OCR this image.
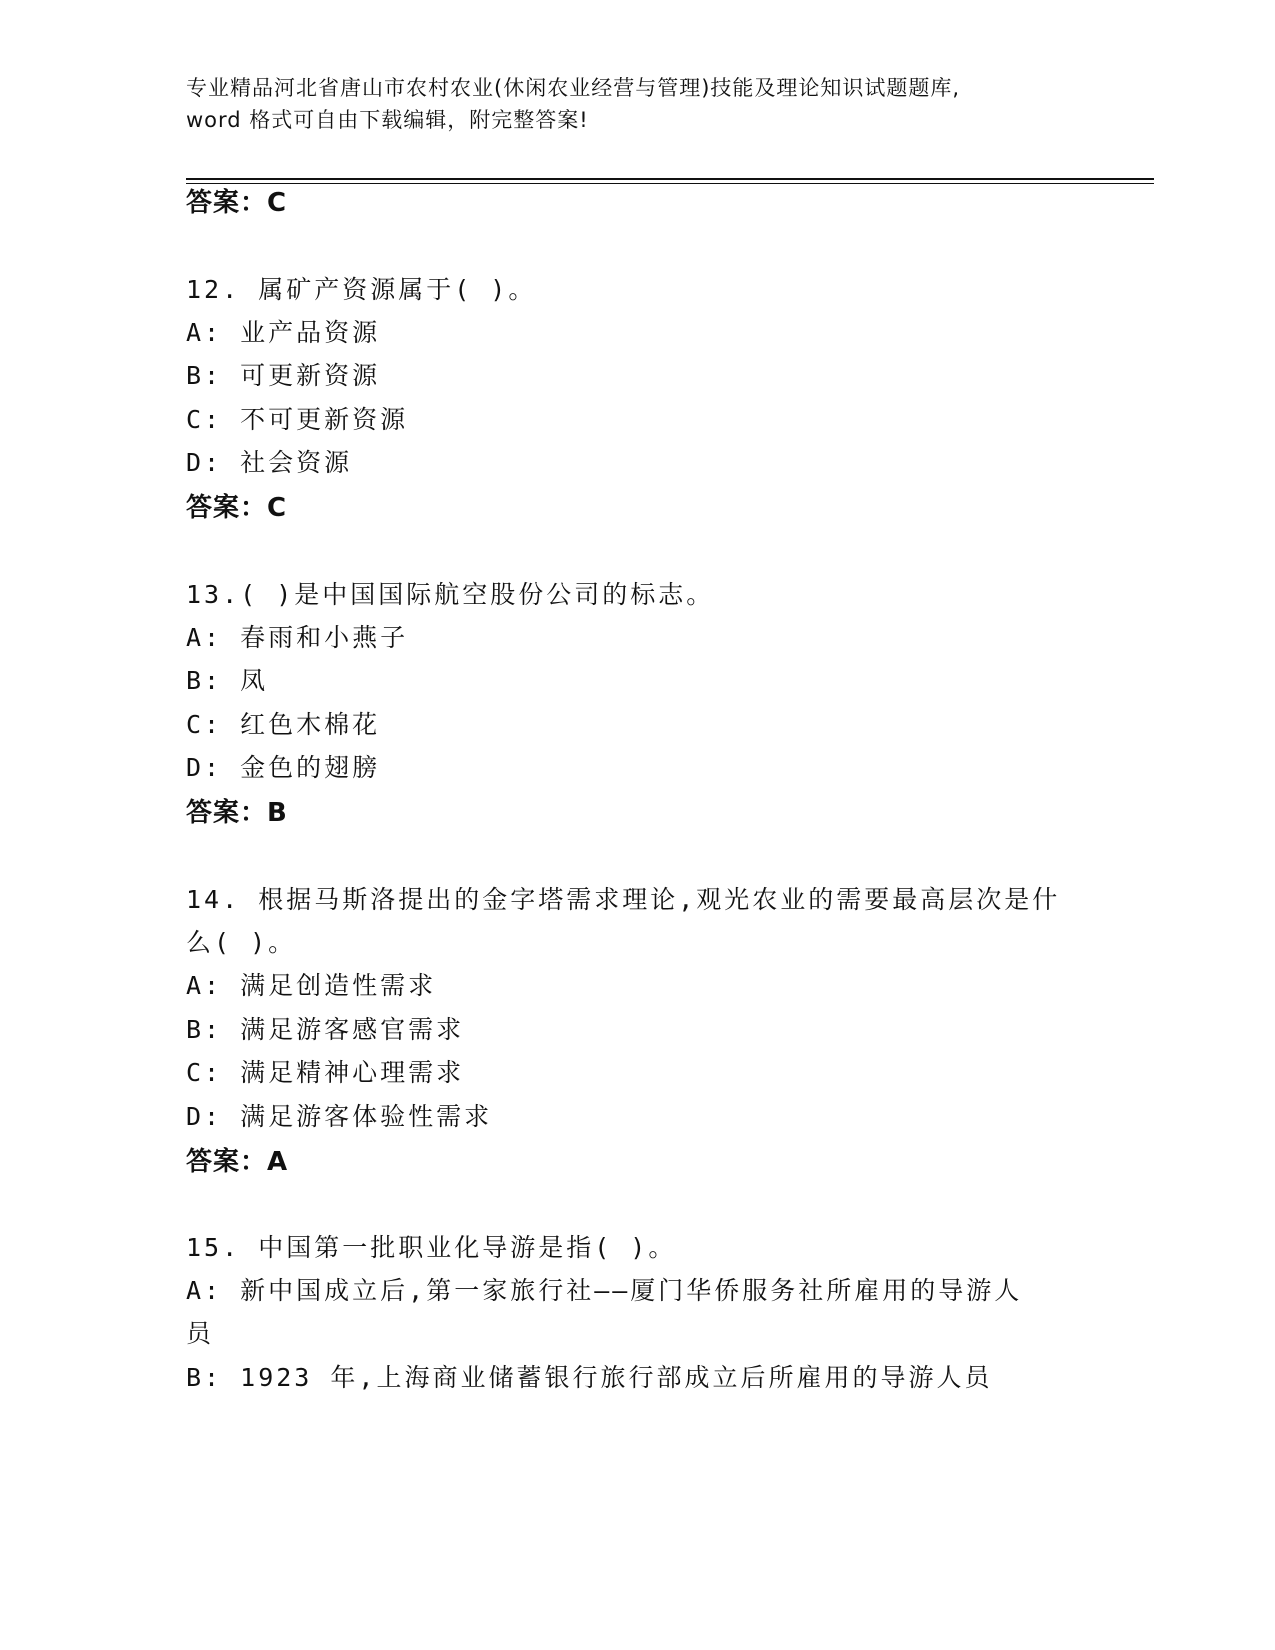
专业精品河北省唐山市农村农业(休闲农业经营与管理)技能及理论知识试题题库,
word 格式可自由下载编辑，附完整答案!
答案：C
12. 属矿产资源属于( )。
A: 业产品资源
B: 可更新资源
C: 不可更新资源
D: 社会资源
答案：C
13.( )是中国国际航空股份公司的标志。
A: 春雨和小燕子
B: 凤
C: 红色木棉花
D: 金色的翅膀
答案：B
14. 根据马斯洛提出的金字塔需求理论,观光农业的需要最高层次是什
么( )。
A: 满足创造性需求
B: 满足游客感官需求
C: 满足精神心理需求
D: 满足游客体验性需求
答案：A
15. 中国第一批职业化导游是指( )。
A: 新中国成立后,第一家旅行社——厦门华侨服务社所雇用的导游人
员
B: 1923 年,上海商业储蓄银行旅行部成立后所雇用的导游人员
